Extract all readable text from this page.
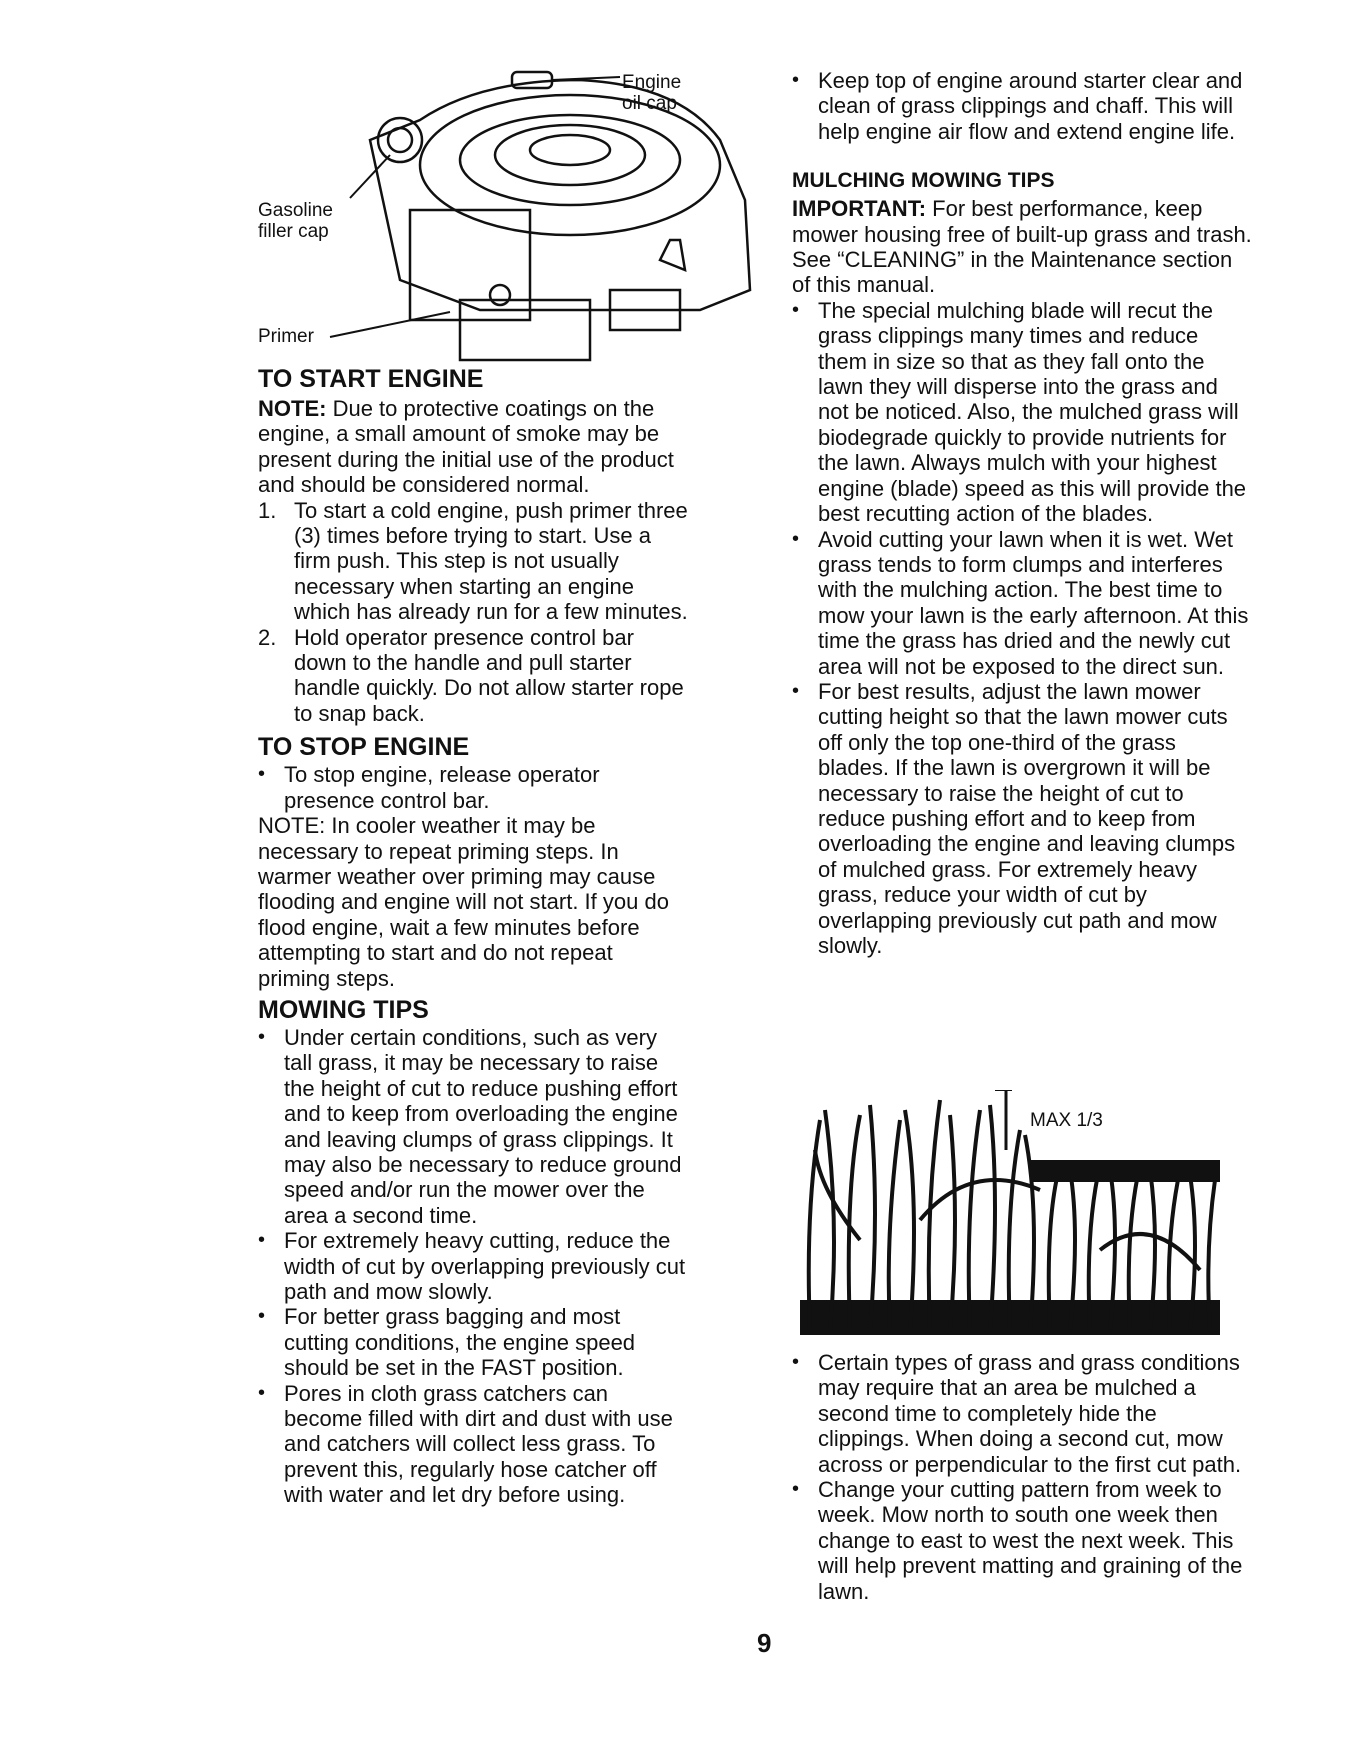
Engine
oil cap
Gasoline
filler cap
Primer
TO START ENGINE

NOTE: Due to protective coatings on the engine, a small amount of smoke may be present during the initial use of the product and should be considered normal.

1. To start a cold engine, push primer three (3) times before trying to start. Use a firm push. This step is not usually necessary when starting an engine which has already run for a few minutes.
2. Hold operator presence control bar down to the handle and pull starter handle quickly. Do not allow starter rope to snap back.
TO STOP ENGINE
• To stop engine, release operator presence control bar.

NOTE: In cooler weather it may be necessary to repeat priming steps. In warmer weather over priming may cause flooding and engine will not start. If you do flood engine, wait a few minutes before attempting to start and do not repeat priming steps.

MOWING TIPS
• Under certain conditions, such as very tall grass, it may be necessary to raise the height of cut to reduce pushing effort and to keep from overloading the engine and leaving clumps of grass clippings. It may also be necessary to reduce ground speed and/or run the mower over the area a second time.
• For extremely heavy cutting, reduce the width of cut by overlapping previously cut path and mow slowly.
• For better grass bagging and most cutting conditions, the engine speed should be set in the FAST position.
• Pores in cloth grass catchers can become filled with dirt and dust with use and catchers will collect less grass. To prevent this, regularly hose catcher off with water and let dry before using.
• Keep top of engine around starter clear and clean of grass clippings and chaff. This will help engine air flow and extend engine life.
MULCHING MOWING TIPS

IMPORTANT: For best performance, keep mower housing free of built-up grass and trash. See “CLEANING” in the Maintenance section of this manual.

• The special mulching blade will recut the grass clippings many times and reduce them in size so that as they fall onto the lawn they will disperse into the grass and not be noticed. Also, the mulched grass will biodegrade quickly to provide nutrients for the lawn. Always mulch with your highest engine (blade) speed as this will provide the best recutting action of the blades.
• Avoid cutting your lawn when it is wet. Wet grass tends to form clumps and interferes with the mulching action. The best time to mow your lawn is the early afternoon. At this time the grass has dried and the newly cut area will not be exposed to the direct sun.
• For best results, adjust the lawn mower cutting height so that the lawn mower cuts off only the top one-third of the grass blades. If the lawn is overgrown it will be necessary to raise the height of cut to reduce pushing effort and to keep from overloading the engine and leaving clumps of mulched grass. For extremely heavy grass, reduce your width of cut by overlapping previously cut path and mow slowly.
MAX 1/3
• Certain types of grass and grass conditions may require that an area be mulched a second time to completely hide the clippings. When doing a second cut, mow across or perpendicular to the first cut path.
• Change your cutting pattern from week to week. Mow north to south one week then change to east to west the next week. This will help prevent matting and graining of the lawn.
9
